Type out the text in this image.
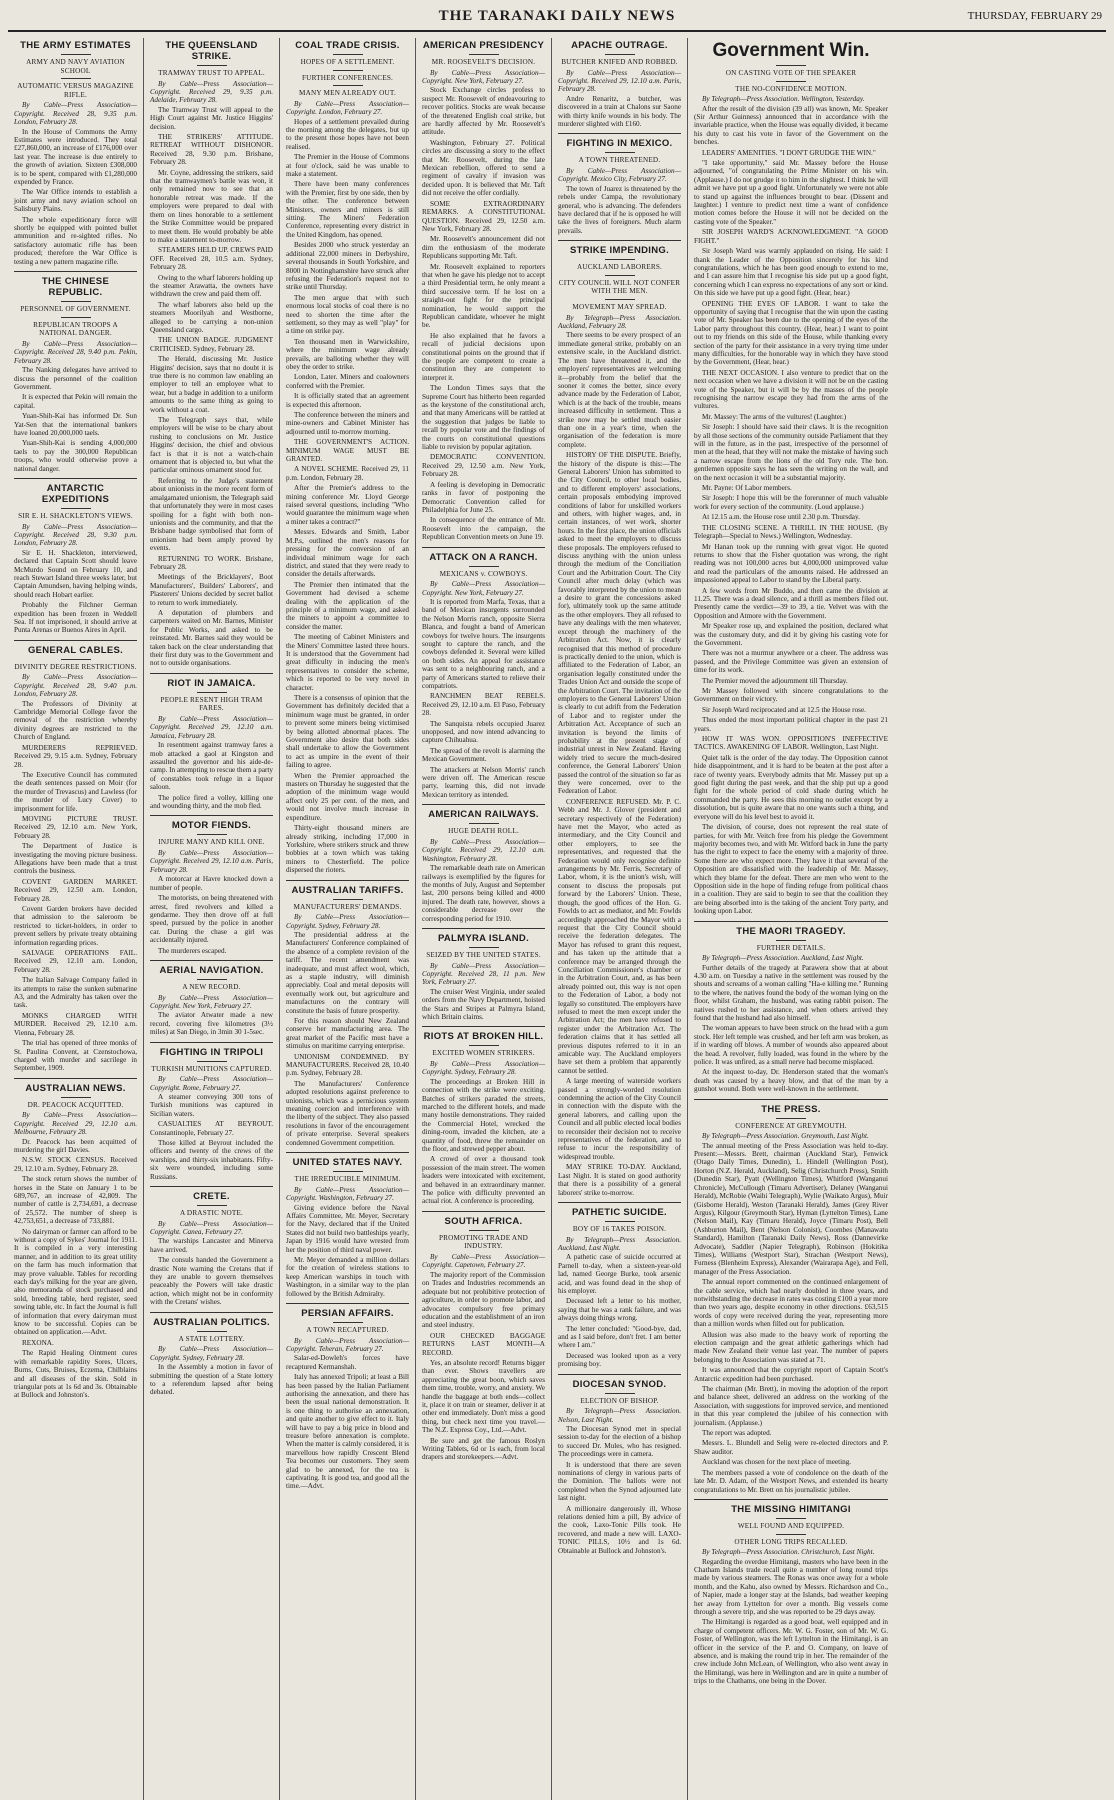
THE TARANAKI DAILY NEWS	THURSDAY, FEBRUARY 29
THE ARMY ESTIMATES
ARMY AND NAVY AVIATION SCHOOL
AUTOMATIC VERSUS MAGAZINE RIFLE.
By Cable—Press Association—Copyright. Received 28, 9.35 p.m. London, February 28.

In the House of Commons the Army Estimates were introduced. They total £27,860,000, an increase of £176,000 over last year. The increase is due entirely to the growth of aviation. Sixteen £308,000 is to be spent, compared with £1,280,000 expended by France.

The War Office intends to establish a joint army and navy aviation school on Salisbury Plains.

The whole expeditionary force will shortly be equipped with pointed bullet ammunition and re-sighted rifles. No satisfactory automatic rifle has been produced; therefore the War Office is testing a new pattern magazine rifle.

THE CHINESE REPUBLIC.
PERSONNEL OF GOVERNMENT.
REPUBLICAN TROOPS A NATIONAL DANGER.
By Cable—Press Association—Copyright. Received 28, 9.40 p.m. Pekin, February 28.

The Nanking delegates have arrived to discuss the personnel of the coalition Government.

It is expected that Pekin will remain the capital.

Yuan-Shih-Kai has informed Dr. Sun Yat-Sen that the international bankers have loaned 20,000,000 taels.

Yuan-Shih-Kai is sending 4,000,000 taels to pay the 300,000 Republican troops, who would otherwise prove a national danger.

ANTARCTIC EXPEDITIONS
SIR E. H. SHACKLETON'S VIEWS.
By Cable—Press Association—Copyright. Received 28, 9.30 p.m. London, February 28.

Sir E. H. Shackleton, interviewed, declared that Captain Scott should leave McMurdo Sound on February 10, and reach Stewart Island three weeks later, but Captain Amundsen, having helping winds, should reach Hobart earlier.

Probably the Filchner German expedition has been frozen in Weddell Sea. If not imprisoned, it should arrive at Punta Arenas or Buenos Aires in April.

GENERAL CABLES.
DIVINITY DEGREE RESTRICTIONS.
By Cable—Press Association—Copyright. Received 28, 9.40 p.m. London, February 28.

The Professors of Divinity at Cambridge Memorial College favor the removal of the restriction whereby divinity degrees are restricted to the Church of England.

MURDERERS REPRIEVED. Received 29, 9.15 a.m. Sydney, February 28.

The Executive Council has commuted the death sentences passed on Moir (for the murder of Trevascus) and Lawless (for the murder of Lucy Cover) to imprisonment for life.

MOVING PICTURE TRUST. Received 29, 12.10 a.m. New York, February 28.

The Department of Justice is investigating the moving picture business. Allegations have been made that a trust controls the business.

COVENT GARDEN MARKET. Received 29, 12.50 a.m. London, February 28.

Covent Garden brokers have decided that admission to the saleroom be restricted to ticket-holders, in order to prevent sellers by private treaty obtaining information regarding prices.

SALVAGE OPERATIONS FAIL. Received 29, 12.10 a.m. London, February 28.

The Italian Salvage Company failed in its attempts to raise the sunken submarine A3, and the Admiralty has taken over the task.

MONKS CHARGED WITH MURDER. Received 29, 12.10 a.m. Vienna, February 28.

The trial has opened of three monks of St. Paulina Convent, at Czenstochowa, charged with murder and sacrilege in September, 1909.

AUSTRALIAN NEWS.
DR. PEACOCK ACQUITTED.
By Cable—Press Association—Copyright. Received 29, 12.10 a.m. Melbourne, February 28.

Dr. Peacock has been acquitted of murdering the girl Davies.

N.S.W. STOCK CENSUS. Received 29, 12.10 a.m. Sydney, February 28.

The stock return shows the number of horses in the State on January 1 to be 689,767, an increase of 42,809. The number of cattle is 2,734,691, a decrease of 25,572. The number of sheep is 42,753,651, a decrease of 733,881.

No dairyman or farmer can afford to be without a copy of Sykes' Journal for 1911. It is compiled in a very interesting manner, and in addition to its great utility on the farm has much information that may prove valuable. Tables for recording each day's milking for the year are given, also memoranda of stock purchased and sold, breeding table, herd register, seed sowing table, etc. In fact the Journal is full of information that every dairyman must know to be successful. Copies can be obtained on application.—Advt.

REXONA.

The Rapid Healing Ointment cures with remarkable rapidity Sores, Ulcers, Burns, Cuts, Bruises, Eczema, Chilblains and all diseases of the skin. Sold in triangular pots at 1s 6d and 3s. Obtainable at Bullock and Johnston's.

THE QUEENSLAND STRIKE.
TRAMWAY TRUST TO APPEAL.
By Cable—Press Association—Copyright. Received 29, 9.35 p.m. Adelaide, February 28.

The Tramway Trust will appeal to the High Court against Mr. Justice Higgins' decision.

THE STRIKERS' ATTITUDE. RETREAT WITHOUT DISHONOR. Received 28, 9.30 p.m. Brisbane, February 28.

Mr. Coyne, addressing the strikers, said that the tramwaymen's battle was won, it only remained now to see that an honorable retreat was made. If the employers were prepared to deal with them on lines honorable to a settlement the Strike Committee would be prepared to meet them. He would probably be able to make a statement to-morrow.

STEAMERS HELD UP. CREWS PAID OFF. Received 28, 10.5 a.m. Sydney, February 28.

Owing to the wharf laborers holding up the steamer Arawatta, the owners have withdrawn the crew and paid them off.

The wharf laborers also held up the steamers Moorilyah and Westborne, alleged to be carrying a non-union Queensland cargo.

THE UNION BADGE. JUDGMENT CRITICISED. Sydney, February 28.

The Herald, discussing Mr. Justice Higgins' decision, says that no doubt it is true there is no common law enabling an employer to tell an employee what to wear, but a badge in addition to a uniform amounts to the same thing as going to work without a coat.

The Telegraph says that, while employers will be wise to be chary about rushing to conclusions on Mr. Justice Higgins' decision, the chief and obvious fact is that it is not a watch-chain ornament that is objected to, but what the particular ominous ornament stood for.

Referring to the Judge's statement about unionists in the more recent form of amalgamated unionism, the Telegraph said that unfortunately they were in most cases spoiling for a fight with both non-unionists and the community, and that the Brisbane badge symbolised that form of unionism had been amply proved by events.

RETURNING TO WORK. Brisbane, February 28.

Meetings of the Bricklayers', Boot Manufacturers', Builders' Laborers', and Plasterers' Unions decided by secret ballot to return to work immediately.

A deputation of plumbers and carpenters waited on Mr. Barnes, Minister for Public Works, and asked to be reinstated. Mr. Barnes said they would be taken back on the clear understanding that their first duty was to the Government and not to outside organisations.

RIOT IN JAMAICA.
PEOPLE RESENT HIGH TRAM FARES.
By Cable—Press Association—Copyright. Received 29, 12.10 a.m. Jamaica, February 28.

In resentment against tramway fares a mob attacked a gaol at Kingston and assaulted the governor and his aide-de-camp. In attempting to rescue them a party of constables took refuge in a liquor saloon.

The police fired a volley, killing one and wounding thirty, and the mob fled.

MOTOR FIENDS.
INJURE MANY AND KILL ONE.
By Cable—Press Association—Copyright. Received 29, 12.10 a.m. Paris, February 28.

A motorcar at Havre knocked down a number of people.

The motorists, on being threatened with arrest, fired revolvers and killed a gendarme. They then drove off at full speed, pursued by the police in another car. During the chase a girl was accidentally injured.

The murderers escaped.

AERIAL NAVIGATION.
A NEW RECORD.
By Cable—Press Association—Copyright. New York, February 27.

The aviator Atwater made a new record, covering five kilometres (3½ miles) at San Diego, in 3min 30 1-5sec.

FIGHTING IN TRIPOLI
TURKISH MUNITIONS CAPTURED.
By Cable—Press Association—Copyright. Rome, February 27.

A steamer conveying 300 tons of Turkish munitions was captured in Sicilian waters.

CASUALTIES AT BEYROUT. Constantinople, February 27.

Those killed at Beyrout included the officers and twenty of the crews of the warships, and thirty-six inhabitants. Fifty-six were wounded, including some Russians.

CRETE.
A DRASTIC NOTE.
By Cable—Press Association—Copyright. Canea, February 27.

The warships Lancaster and Minerva have arrived.

The consuls handed the Government a drastic Note warning the Cretans that if they are unable to govern themselves peaceably the Powers will take drastic action, which might not be in conformity with the Cretans' wishes.

AUSTRALIAN POLITICS.
A STATE LOTTERY.
By Cable—Press Association—Copyright. Sydney, February 28.

In the Assembly a motion in favor of submitting the question of a State lottery to a referendum lapsed after being debated.

COAL TRADE CRISIS.
HOPES OF A SETTLEMENT.
FURTHER CONFERENCES.
MANY MEN ALREADY OUT.
By Cable—Press Association—Copyright. London, February 27.

Hopes of a settlement prevailed during the morning among the delegates, but up to the present those hopes have not been realised.

The Premier in the House of Commons at four o'clock, said he was unable to make a statement.

There have been many conferences with the Premier, first by one side, then by the other. The conference between Ministers, owners and miners is still sitting. The Miners' Federation Conference, representing every district in the United Kingdom, has opened.

Besides 2000 who struck yesterday an additional 22,000 miners in Derbyshire, several thousands in South Yorkshire, and 8000 in Nottinghamshire have struck after refusing the Federation's request not to strike until Thursday.

The men argue that with such enormous local stocks of coal there is no need to shorten the time after the settlement, so they may as well "play" for a time on strike pay.

Ten thousand men in Warwickshire, where the minimum wage already prevails, are balloting whether they will obey the order to strike.

London, Later. Miners and coalowners conferred with the Premier.

It is officially stated that an agreement is expected this afternoon.

The conference between the miners and mine-owners and Cabinet Minister has adjourned until to-morrow morning.

THE GOVERNMENT'S ACTION. MINIMUM WAGE MUST BE GRANTED.

A NOVEL SCHEME. Received 29, 11 p.m. London, February 28.

After the Premier's address to the mining conference Mr. Lloyd George raised several questions, including "Who would guarantee the minimum wage when a miner takes a contract?"

Messrs. Edwards and Smith, Labor M.P.s, outlined the men's reasons for pressing for the conversion of an individual minimum wage for each district, and stated that they were ready to consider the details afterwards.

The Premier then intimated that the Government had devised a scheme dealing with the application of the principle of a minimum wage, and asked the miners to appoint a committee to consider the matter.

The meeting of Cabinet Ministers and the Miners' Committee lasted three hours. It is understood that the Government had great difficulty in inducing the men's representatives to consider the scheme, which is reported to be very novel in character.

There is a consensus of opinion that the Government has definitely decided that a minimum wage must be granted, in order to prevent some miners being victimised by being allotted abnormal places. The Government also desire that both sides shall undertake to allow the Government to act as umpire in the event of their failing to agree.

When the Premier approached the masters on Thursday he suggested that the adoption of the minimum wage would affect only 25 per cent. of the men, and would not involve much increase in expenditure.

Thirty-eight thousand miners are already striking, including 17,000 in Yorkshire, where strikers struck and threw bobbies at a town which was taking miners to Chesterfield. The police dispersed the rioters.

AUSTRALIAN TARIFFS.
MANUFACTURERS' DEMANDS.
By Cable—Press Association—Copyright. Sydney, February 28.

The presidential address at the Manufacturers' Conference complained of the absence of a complete revision of the tariff. The recent amendment was inadequate, and must affect wool, which, as a staple industry, will diminish appreciably. Coal and metal deposits will eventually work out, but agriculture and manufactures on the contrary will constitute the basis of future prosperity.

For this reason should New Zealand conserve her manufacturing area. The great market of the Pacific must have a stimulus on maritime carrying enterprise.

UNIONISM CONDEMNED. BY MANUFACTURERS. Received 28, 10.40 p.m. Sydney, February 28.

The Manufacturers' Conference adopted resolutions against preference to unionists, which was a pernicious system meaning coercion and interference with the liberty of the subject. They also passed resolutions in favor of the encouragement of private enterprise. Several speakers condemned Government competition.

UNITED STATES NAVY.
THE IRREDUCIBLE MINIMUM.
By Cable—Press Association—Copyright. Washington, February 27.

Giving evidence before the Naval Affairs Committee, Mr. Meyer, Secretary for the Navy, declared that if the United States did not build two battleships yearly, Japan by 1916 would have wrested from her the position of third naval power.

Mr. Meyer demanded a million dollars for the creation of wireless stations to keep American warships in touch with Washington, in a similar way to the plan followed by the British Admiralty.

PERSIAN AFFAIRS.
A TOWN RECAPTURED.
By Cable—Press Association—Copyright. Teheran, February 27.

Salar-ed-Dowleh's forces have recaptured Kermanshah.

Italy has annexed Tripoli; at least a Bill has been passed by the Italian Parliament authorising the annexation, and there has been the usual national demonstration. It is one thing to authorise an annexation, and quite another to give effect to it. Italy will have to pay a big price in blood and treasure before annexation is complete. When the matter is calmly considered, it is marvellous how rapidly Crescent Blend Tea becomes our customers. They seem glad to be annexed, for the tea is captivating. It is good tea, and good all the time.—Advt.

AMERICAN PRESIDENCY
MR. ROOSEVELT'S DECISION.
By Cable—Press Association—Copyright. New York, February 27.

Stock Exchange circles profess to suspect Mr. Roosevelt of endeavouring to recover politics. Stocks are weak because of the threatened English coal strike, but are hardly affected by Mr. Roosevelt's attitude.

Washington, February 27. Political circles are discussing a story to the effect that Mr. Roosevelt, during the late Mexican rebellion, offered to send a regiment of cavalry if invasion was decided upon. It is believed that Mr. Taft did not receive the offer cordially.

SOME EXTRAORDINARY REMARKS. A CONSTITUTIONAL QUESTION. Received 29, 12.50 a.m. New York, February 28.

Mr. Roosevelt's announcement did not dim the enthusiasm of the moderate Republicans supporting Mr. Taft.

Mr. Roosevelt explained to reporters that when he gave his pledge not to accept a third Presidential term, he only meant a third successive term. If he lost on a straight-out fight for the principal nomination, he would support the Republican candidate, whoever he might be.

He also explained that he favors a recall of judicial decisions upon constitutional points on the ground that if the people are competent to create a constitution they are competent to interpret it.

The London Times says that the Supreme Court has hitherto been regarded as the keystone of the constitutional arch, and that many Americans will be rattled at the suggestion that judges be liable to recall by popular vote and the findings of the courts on constitutional questions liable to revision by popular agitation.

DEMOCRATIC CONVENTION. Received 29, 12.50 a.m. New York, February 28.

A feeling is developing in Democratic ranks in favor of postponing the Democratic Convention called for Philadelphia for June 25.

In consequence of the entrance of Mr. Roosevelt into the campaign, the Republican Convention meets on June 19.

ATTACK ON A RANCH.
MEXICANS v. COWBOYS.
By Cable—Press Association—Copyright. New York, February 27.

It is reported from Marfa, Texas, that a band of Mexican insurgents surrounded the Nelson Morris ranch, opposite Sierra Blanca, and fought a band of American cowboys for twelve hours. The insurgents sought to capture the ranch, and the cowboys defended it. Several were killed on both sides. An appeal for assistance was sent to a neighbouring ranch, and a party of Americans started to relieve their compatriots.

RANCHMEN BEAT REBELS. Received 29, 12.10 a.m. El Paso, February 28.

The Sanquista rebels occupied Juarez unopposed, and now intend advancing to capture Chihuahua.

The spread of the revolt is alarming the Mexican Government.

The attackers at Nelson Morris' ranch were driven off. The American rescue party, learning this, did not invade Mexican territory as intended.

AMERICAN RAILWAYS.
HUGE DEATH ROLL.
By Cable—Press Association—Copyright. Received 29, 12.10 a.m. Washington, February 28.

The remarkable death rate on American railways is exemplified by the figures for the months of July, August and September last, 200 persons being killed and 4000 injured. The death rate, however, shows a considerable decrease over the corresponding period for 1910.

PALMYRA ISLAND.
SEIZED BY THE UNITED STATES.
By Cable—Press Association—Copyright. Received 28, 11 p.m. New York, February 27.

The cruiser West Virginia, under sealed orders from the Navy Department, hoisted the Stars and Stripes at Palmyra Island, which Britain claims.

RIOTS AT BROKEN HILL.
EXCITED WOMEN STRIKERS.
By Cable—Press Association—Copyright. Sydney, February 28.

The proceedings at Broken Hill in connection with the strike were exciting. Batches of strikers paraded the streets, marched to the different hotels, and made many hostile demonstrations. They raided the Commercial Hotel, wrecked the dining-room, invaded the kitchen, ate a quantity of food, threw the remainder on the floor, and strewed pepper about.

A crowd of over a thousand took possession of the main street. The women leaders were intoxicated with excitement, and behaved in an extraordinary manner. The police with difficulty prevented an actual riot. A conference is proceeding.

SOUTH AFRICA.
PROMOTING TRADE AND INDUSTRY.
By Cable—Press Association—Copyright. Capetown, February 27.

The majority report of the Commission on Trades and Industries recommends an adequate but not prohibitive protection of agriculture, in order to promote labor, and advocates compulsory free primary education and the establishment of an iron and steel industry.

OUR CHECKED BAGGAGE RETURNS LAST MONTH—A RECORD.

Yes, an absolute record! Returns bigger than ever. Shows travellers are appreciating the great boon, which saves them time, trouble, worry, and anxiety. We handle the baggage at both ends—collect it, place it on train or steamer, deliver it at other end immediately. Don't miss a good thing, but check next time you travel.—The N.Z. Express Coy., Ltd.—Advt.

Be sure and get the famous Roslyn Writing Tablets, 6d or 1s each, from local drapers and storekeepers.—Advt.

APACHE OUTRAGE.
BUTCHER KNIFED AND ROBBED.
By Cable—Press Association—Copyright. Received 29, 12.10 a.m. Paris, February 28.

Andre Renaritz, a butcher, was discovered in a train at Chalons sur Saone with thirty knife wounds in his body. The murderer slighted with £160.

FIGHTING IN MEXICO.
A TOWN THREATENED.
By Cable—Press Association—Copyright. Mexico City, February 27.

The town of Juarez is threatened by the rebels under Campa, the revolutionary general, who is advancing. The defenders have declared that if he is opposed he will take the lives of foreigners. Much alarm prevails.

STRIKE IMPENDING.
AUCKLAND LABORERS.
CITY COUNCIL WILL NOT CONFER WITH THE MEN.
MOVEMENT MAY SPREAD.
By Telegraph—Press Association. Auckland, February 28.

There seems to be every prospect of an immediate general strike, probably on an extensive scale, in the Auckland district. The men have threatened it, and the employers' representatives are welcoming it—probably from the belief that the sooner it comes the better, since every advance made by the Federation of Labor, which is at the back of the trouble, means increased difficulty in settlement. Thus a strike now may be settled much easier than one in a year's time, when the organisation of the federation is more complete.

HISTORY OF THE DISPUTE. Briefly, the history of the dispute is this:—The General Laborers' Union has submitted to the City Council, to other local bodies, and to different employers' associations, certain proposals embodying improved conditions of labor for unskilled workers and others, with higher wages, and, in certain instances, of wet work, shorter hours. In the first place, the union officials asked to meet the employers to discuss these proposals. The employers refused to discuss anything with the union unless through the medium of the Conciliation Court and the Arbitration Court. The City Council after much delay (which was favorably interpreted by the union to mean a desire to grant the concessions asked for), ultimately took up the same attitude as the other employers. They all refused to have any dealings with the men whatever, except through the machinery of the Arbitration Act. Now, it is clearly recognised that this method of procedure is practically denied to the union, which is affiliated to the Federation of Labor, an organisation legally constituted under the Trades Union Act and outside the scope of the Arbitration Court. The invitation of the employers to the General Laborers' Union is clearly to cut adrift from the Federation of Labor and to register under the Arbitration Act. Acceptance of such an invitation is beyond the limits of probability at the present stage of industrial unrest in New Zealand. Having widely tried to secure the much-desired conference, the General Laborers' Union passed the control of the situation so far as they were concerned, over to the Federation of Labor.

CONFERENCE REFUSED. Mr. P. C. Webb and Mr. J. Glover (president and secretary respectively of the Federation) have met the Mayor, who acted as intermediary, and the City Council and other employers, to see the representatives, and requested that the Federation would only recognise definite arrangements by Mr. Ferris, Secretary of Labor, whom, it is the union's wish, will consent to discuss the proposals put forward by the Laborers' Union. These, though, the good offices of the Hon. G. Fowlds to act as mediator, and Mr. Fowlds accordingly approached the Mayor with a request that the City Council should receive the federation delegates. The Mayor has refused to grant this request, and has taken up the attitude that a conference may be arranged through the Conciliation Commissioner's chamber or in the Arbitration Court, and, as has been already pointed out, this way is not open to the Federation of Labor, a body not legally so constituted. The employers have refused to meet the men except under the Arbitration Act; the men have refused to register under the Arbitration Act. The federation claims that it has settled all previous disputes referred to it in an amicable way. The Auckland employers have set them a problem that apparently cannot be settled.

A large meeting of waterside workers passed a strongly-worded resolution condemning the action of the City Council in connection with the dispute with the general laborers, and calling upon the Council and all public elected local bodies to reconsider their decision not to receive representatives of the federation, and to refuse to incur the responsibility of widespread trouble.

MAY STRIKE TO-DAY. Auckland, Last Night. It is stated on good authority that there is a possibility of a general laborers' strike to-morrow.

PATHETIC SUICIDE.
BOY OF 16 TAKES POISON.
By Telegraph—Press Association. Auckland, Last Night.

A pathetic case of suicide occurred at Parnell to-day, when a sixteen-year-old lad, named George Burke, took arsenic acid, and was found dead in the shop of his employer.

Deceased left a letter to his mother, saying that he was a rank failure, and was always doing things wrong.

The letter concluded: "Good-bye, dad, and as I said before, don't fret. I am better where I am."

Deceased was looked upon as a very promising boy.

DIOCESAN SYNOD.
ELECTION OF BISHOP.
By Telegraph—Press Association. Nelson, Last Night.

The Diocesan Synod met in special session to-day for the election of a bishop to succeed Dr. Mules, who has resigned. The proceedings were in camera.

It is understood that there are seven nominations of clergy in various parts of the Dominion. The ballots were not completed when the Synod adjourned late last night.

A millionaire dangerously ill, Whose relations denied him a pill, By advice of the cook, Laxo-Tonic Pills took. He recovered, and made a new will. LAXO-TONIC PILLS, 10½ and 1s 6d. Obtainable at Bullock and Johnston's.

Government Win.
ON CASTING VOTE OF THE SPEAKER
THE NO-CONFIDENCE MOTION.
By Telegraph—Press Association. Wellington, Yesterday.

After the result of the division (39 all) was known, Mr. Speaker (Sir Arthur Guinness) announced that in accordance with the invariable practice, when the House was equally divided, it became his duty to cast his vote in favor of the Government on the benches.

LEADERS' AMENITIES. "I DON'T GRUDGE THE WIN."

"I take opportunity," said Mr. Massey before the House adjourned, "of congratulating the Prime Minister on his win. (Applause.) I do not grudge it to him in the slightest. I think he will admit we have put up a good fight. Unfortunately we were not able to stand up against the influences brought to bear. (Dissent and laughter.) I venture to predict next time a want of confidence motion comes before the House it will not be decided on the casting vote of the Speaker."

SIR JOSEPH WARD'S ACKNOWLEDGMENT. "A GOOD FIGHT."

Sir Joseph Ward was warmly applauded on rising. He said: I thank the Leader of the Opposition sincerely for his kind congratulations, which he has been good enough to extend to me, and I can assure him that I recognise his side put up a good fight, concerning which I can express no expectations of any sort or kind. On this side we have put up a good fight. (Hear, hear.)

OPENING THE EYES OF LABOR. I want to take the opportunity of saying that I recognise that the win upon the casting vote of Mr. Speaker has been due to the opening of the eyes of the Labor party throughout this country. (Hear, hear.) I want to point out to my friends on this side of the House, while thanking every section of the party for their assistance in a very trying time under many difficulties, for the honorable way in which they have stood by the Government, (Hear, hear.)

THE NEXT OCCASION. I also venture to predict that on the next occasion when we have a division it will not be on the casting vote of the Speaker, but it will be by the masses of the people recognising the narrow escape they had from the arms of the vultures.

Mr. Massey: The arms of the vultures! (Laughter.)

Sir Joseph: I should have said their claws. It is the recognition by all those sections of the community outside Parliament that they will in the future, as in the past, irrespective of the personnel of men at the head, that they will not make the mistake of having such a narrow escape from the lions of the old Tory rule. The hon. gentlemen opposite says he has seen the writing on the wall, and on the next occasion it will be a substantial majority.

Mr. Payne: Of Labor members.

Sir Joseph: I hope this will be the forerunner of much valuable work for every section of the community. (Loud applause.)

At 12.15 a.m. the House rose until 2.30 p.m. Thursday.

THE CLOSING SCENE. A THRILL IN THE HOUSE. (By Telegraph—Special to News.) Wellington, Wednesday.

Mr Hanan took up the running with great vigor. He quoted returns to show that the Fisher quotation was wrong, the right reading was not 100,000 acres but 4,000,000 unimproved value and read the particulars of the amounts raised. He addressed an impassioned appeal to Labor to stand by the Liberal party.

A few words from Mr Buddo, and then came the division at 11.25. There was a dead silence, and a thrill as members filed out. Presently came the verdict—39 to 39, a tie. Velvet was with the Opposition and Atmore with the Government.

Mr Speaker rose up, and explained the position, declared what was the customary duty, and did it by giving his casting vote for the Government.

There was not a murmur anywhere or a cheer. The address was passed, and the Privilege Committee was given an extension of time for its work.

The Premier moved the adjournment till Thursday.

Mr Massey followed with sincere congratulations to the Government on their victory.

Sir Joseph Ward reciprocated and at 12.5 the House rose.

Thus ended the most important political chapter in the past 21 years.

HOW IT WAS WON. OPPOSITION'S INEFFECTIVE TACTICS. AWAKENING OF LABOR. Wellington, Last Night.

Quiet talk is the order of the day today. The Opposition cannot hide disappointment, and it is hard to be beaten at the post after a race of twenty years. Everybody admits that Mr. Massey put up a good fight during the past week, and that the ship put up a good fight for the whole period of cold shade during which he commanded the party. He sees this morning no outlet except by a dissolution, but is quite aware that no one wants such a thing, and everyone will do his level best to avoid it.

The division, of course, does not represent the real state of parties, for with Mr. Veitch free from his pledge the Government majority becomes two, and with Mr. Witford back in June the party has the right to expect to face the enemy with a majority of three. Some there are who expect more. They have it that several of the Opposition are dissatisfied with the leadership of Mr. Massey, which they blame for the defeat. There are men who went to the Opposition side in the hope of finding refuge from political chaos in a coalition. They are said to begin to see that the coalition they are being absorbed into is the taking of the ancient Tory party, and looking upon Labor.

THE MAORI TRAGEDY.
FURTHER DETAILS.
By Telegraph—Press Association. Auckland, Last Night.

Further details of the tragedy at Parawera show that at about 4.30 a.m. on Tuesday a native in the settlement was roused by the shouts and screams of a woman calling "Ha-e killing me." Running to the where, the natives found the body of the woman lying on the floor, whilst Graham, the husband, was eating rabbit poison. The natives rushed to her assistance, and when others arrived they found that the husband had also himself.

The woman appears to have been struck on the head with a gum stock. Her left temple was crushed, and her left arm was broken, as if in warding off blows. A number of wounds also appeared about the head. A revolver, fully loaded, was found in the where by the police. It was unfired, as a small nerve had become misplaced.

At the inquest to-day, Dr. Henderson stated that the woman's death was caused by a heavy blow, and that of the man by a gunshot wound. Both were well-known in the settlement.

THE PRESS.
CONFERENCE AT GREYMOUTH.
By Telegraph—Press Association. Greymouth, Last Night.

The annual meeting of the Press Association was held to-day. Present:—Messrs. Brett, chairman (Auckland Star), Fenwick (Otago Daily Times, Dunedin), L. Hindell (Wellington Post), Horton (N.Z. Herald, Auckland), Selig (Christchurch Press), Smith (Dunedin Star), Pyatt (Wellington Times), Whitford (Wanganui Chronicle), McCullough (Timaru Advertiser), Delaney (Wanganui Herald), McRobie (Waihi Telegraph), Wylie (Waikato Argus), Muir (Gisborne Herald), Weston (Taranaki Herald), James (Grey River Argus), Kilgour (Greymouth Star), Hyman (Lyttelton Times), Lane (Nelson Mail), Kay (Timaru Herald), Joyce (Timaru Post), Bell (Ashburton Mail), Bent (Nelson Colonist), Coombes (Manawatu Standard), Hamilton (Taranaki Daily News), Ross (Dannevirke Advocate), Saddler (Napier Telegraph), Robinson (Hokitika Times), Williams (Westport Star), Strachan (Westport News), Furness (Blenheim Express), Alexander (Wairarapa Age), and Fell, manager of the Press Association.

The annual report commented on the continued enlargement of the cable service, which had nearly doubled in three years, and notwithstanding the decrease in rates was costing £100 a year more than two years ago, despite economy in other directions. £63,515 words of copy were received during the year, representing more than a million words when filled out for publication.

Allusion was also made to the heavy work of reporting the election campaign and the great athletic gatherings which had made New Zealand their venue last year. The number of papers belonging to the Association was stated at 71.

It was announced that the copyright report of Captain Scott's Antarctic expedition had been purchased.

The chairman (Mr. Brett), in moving the adoption of the report and balance sheet, delivered an address on the working of the Association, with suggestions for improved service, and mentioned in that this year completed the jubilee of his connection with journalism. (Applause.)

The report was adopted.

Messrs. L. Blundell and Selig were re-elected directors and P. Shaw auditor.

Auckland was chosen for the next place of meeting.

The members passed a vote of condolence on the death of the late Mr. D. Adam, of the Westport News, and extended its hearty congratulations to Mr. Brett on his journalistic jubilee.

THE MISSING HIMITANGI
WELL FOUND AND EQUIPPED.
OTHER LONG TRIPS RECALLED.
By Telegraph—Press Association. Christchurch, Last Night.

Regarding the overdue Himitangi, masters who have been in the Chatham Islands trade recall quite a number of long round trips made by various steamers. The Ronas was once away for a whole month, and the Kahu, also owned by Messrs. Richardson and Co., of Napier, made a longer stay at the Islands, bad weather keeping her away from Lyttelton for over a month. Big vessels come through a severe trip, and she was reported to be 29 days away.

The Himitangi is regarded as a good boat, well equipped and in charge of competent officers. Mr. W. G. Foster, son of Mr. W. G. Foster, of Wellington, was the left Lyttelton in the Himitangi, is an officer in the service of the P. and O. Company, on leave of absence, and is making the round trip in her. The remainder of the crew include John McLean, of Wellington, who also went away in the Himitangi, was here in Wellington and are in quite a number of trips to the Chathams, one being in the Dover.
